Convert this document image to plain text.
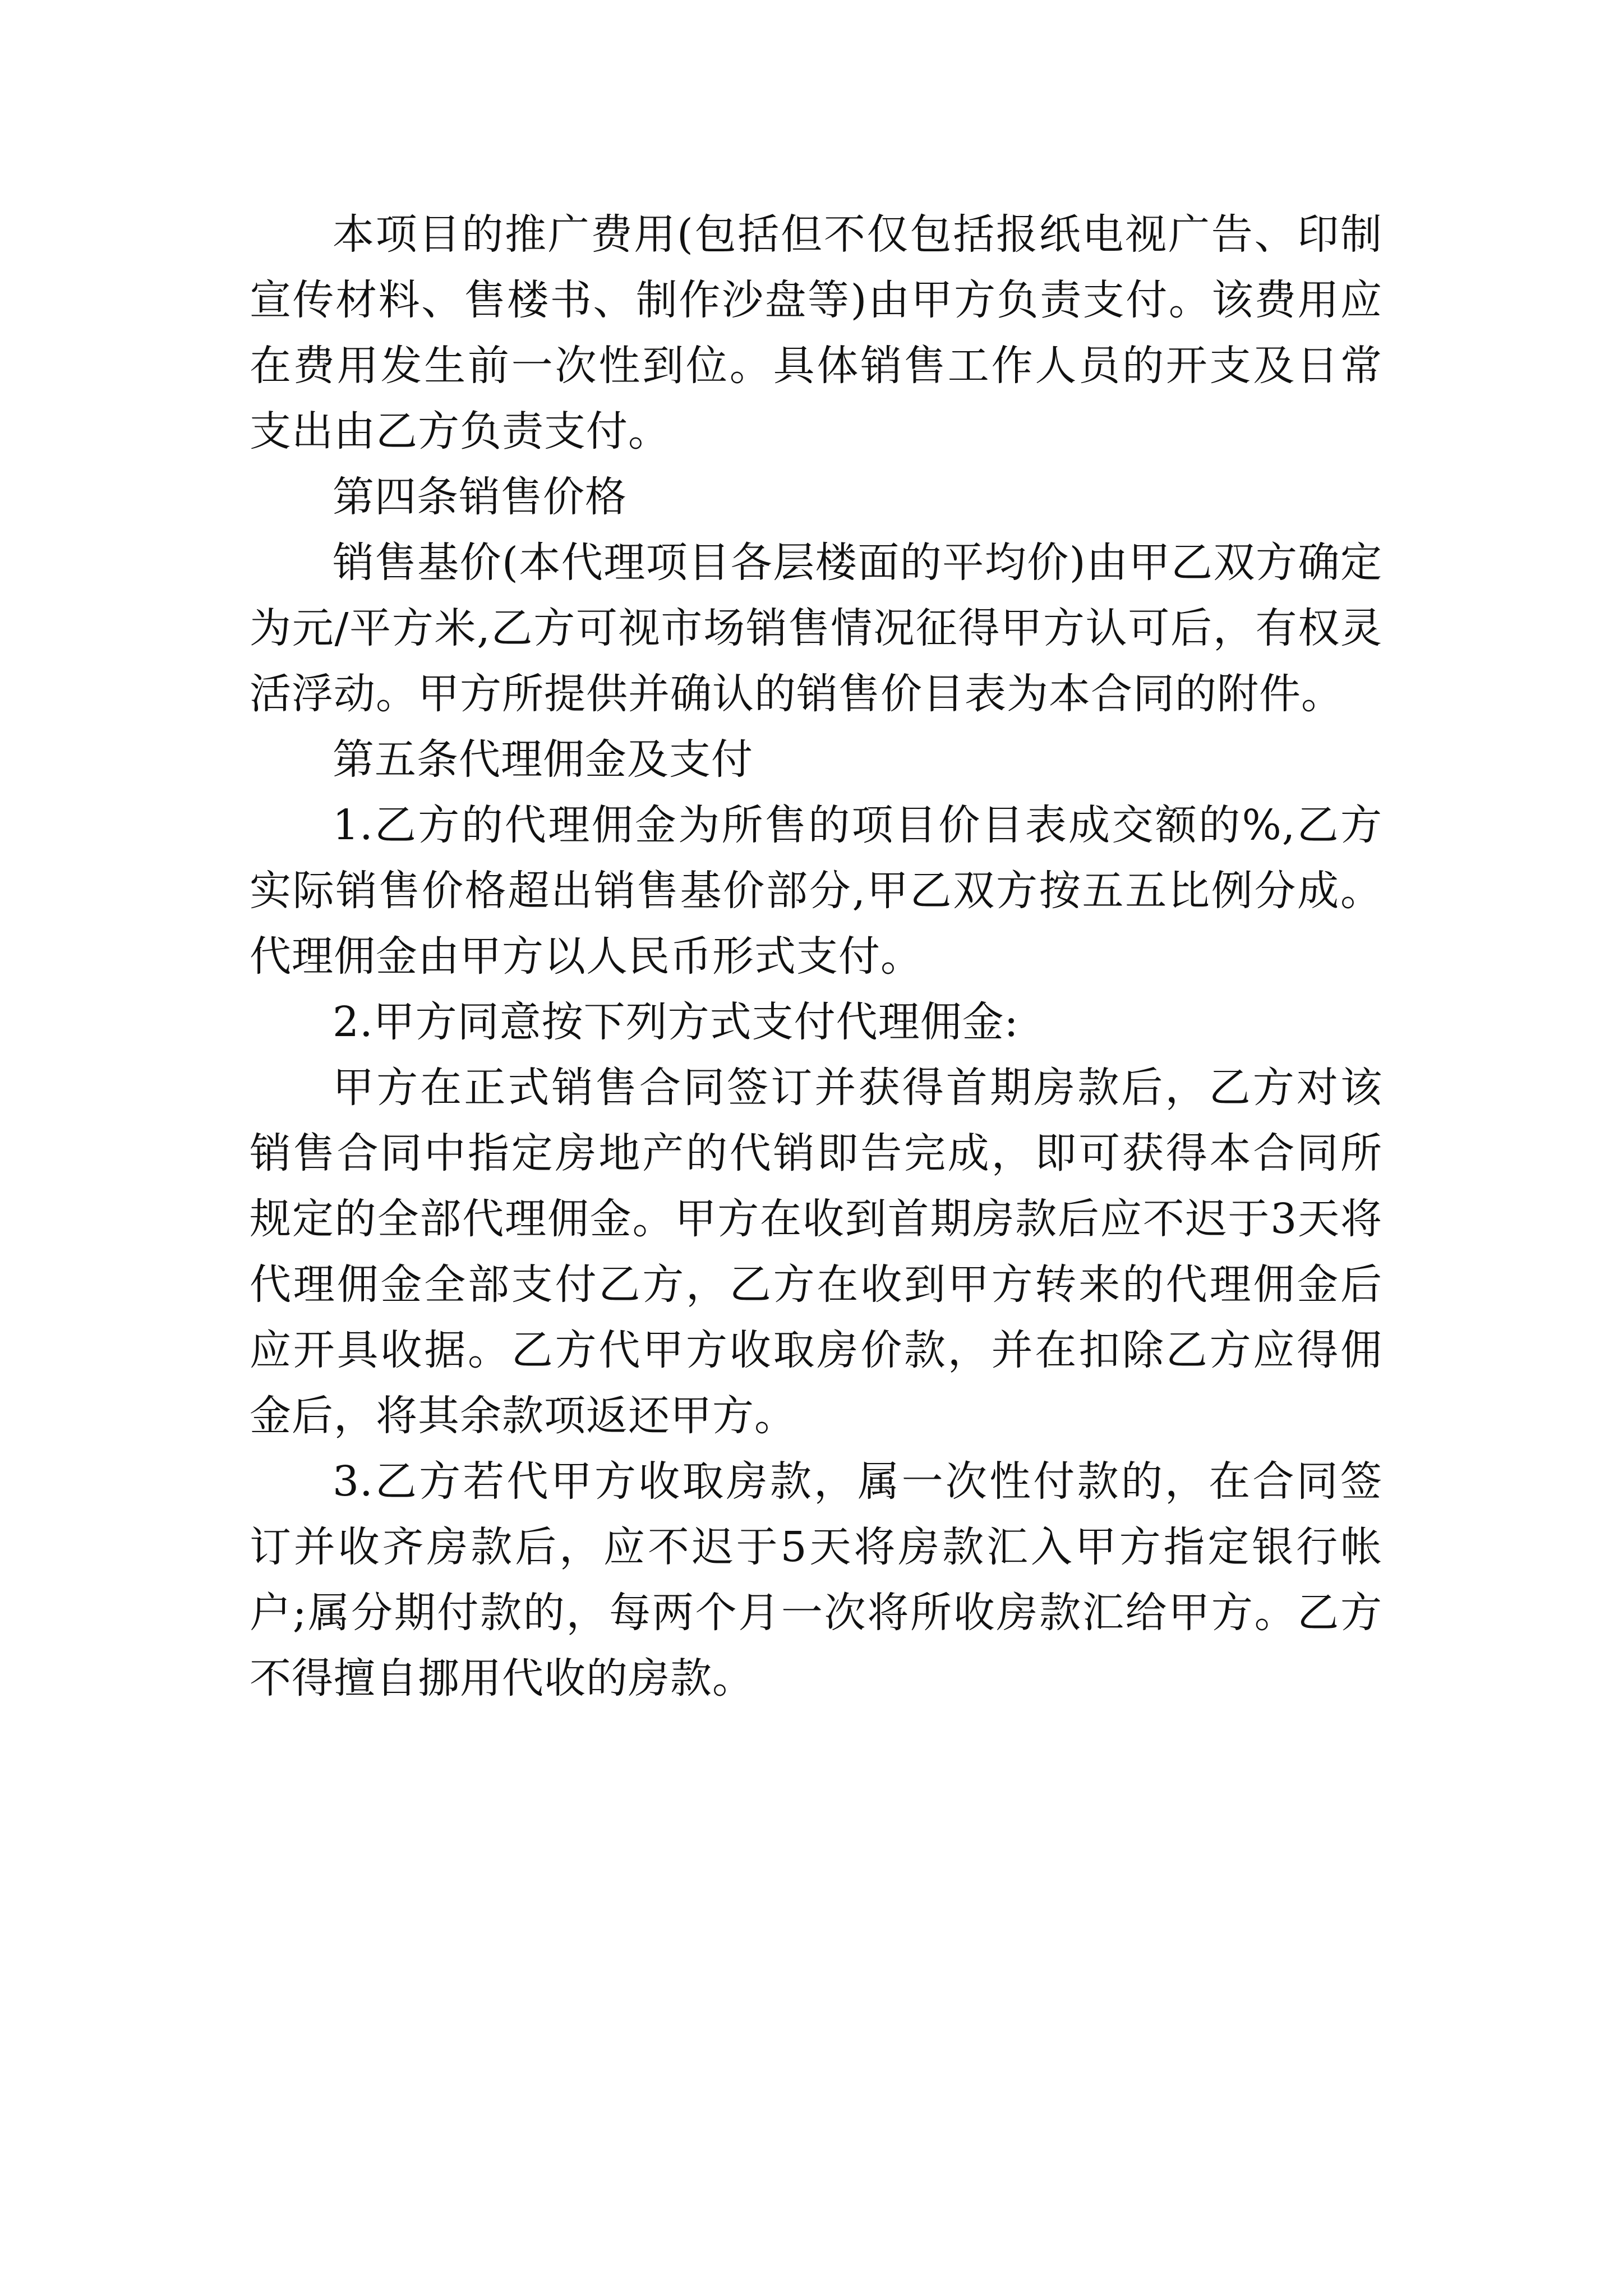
本项目的推广费用(包括但不仅包括报纸电视广告、印制宣传材料、售楼书、制作沙盘等)由甲方负责支付。该费用应在费用发生前一次性到位。具体销售工作人员的开支及日常支出由乙方负责支付。

第四条销售价格

销售基价(本代理项目各层楼面的平均价)由甲乙双方确定为元/平方米,乙方可视市场销售情况征得甲方认可后，有权灵活浮动。甲方所提供并确认的销售价目表为本合同的附件。

第五条代理佣金及支付

1.乙方的代理佣金为所售的项目价目表成交额的%,乙方实际销售价格超出销售基价部分,甲乙双方按五五比例分成。代理佣金由甲方以人民币形式支付。

2.甲方同意按下列方式支付代理佣金:

甲方在正式销售合同签订并获得首期房款后，乙方对该销售合同中指定房地产的代销即告完成，即可获得本合同所规定的全部代理佣金。甲方在收到首期房款后应不迟于3天将代理佣金全部支付乙方，乙方在收到甲方转来的代理佣金后应开具收据。乙方代甲方收取房价款，并在扣除乙方应得佣金后，将其余款项返还甲方。

3.乙方若代甲方收取房款，属一次性付款的，在合同签订并收齐房款后，应不迟于5天将房款汇入甲方指定银行帐户;属分期付款的，每两个月一次将所收房款汇给甲方。乙方不得擅自挪用代收的房款。
